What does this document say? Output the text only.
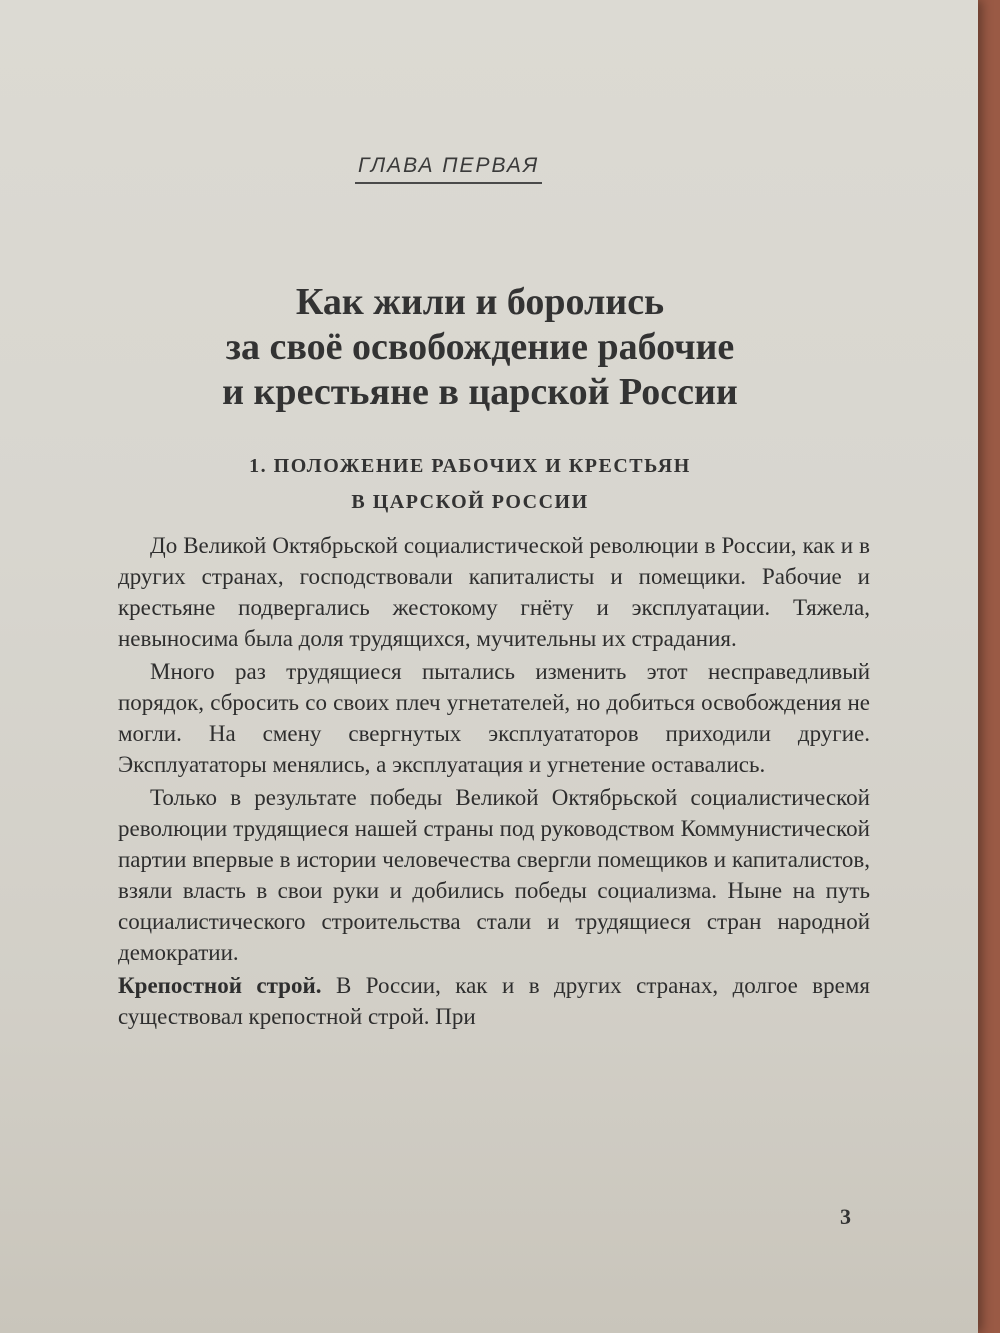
ГЛАВА ПЕРВАЯ
Как жили и боролись
за своё освобождение рабочие
и крестьяне в царской России
1. ПОЛОЖЕНИЕ РАБОЧИХ И КРЕСТЬЯН
В ЦАРСКОЙ РОССИИ

До Великой Октябрьской социалистической революции в России, как и в других странах, господствовали капиталисты и помещики. Рабочие и крестьяне подвергались жестокому гнёту и эксплуатации. Тяжела, невыносима была доля трудящихся, мучительны их страдания.

Много раз трудящиеся пытались изменить этот несправедливый порядок, сбросить со своих плеч угнетателей, но добиться освобождения не могли. На смену свергнутых эксплуататоров приходили другие. Эксплуататоры менялись, а эксплуатация и угнетение оставались.

Только в результате победы Великой Октябрьской социалистической революции трудящиеся нашей страны под руководством Коммунистической партии впервые в истории человечества свергли помещиков и капиталистов, взяли власть в свои руки и добились победы социализма. Ныне на путь социалистического строительства стали и трудящиеся стран народной демократии.

Крепостной строй. В России, как и в других странах, долгое время существовал крепостной строй. При

3
